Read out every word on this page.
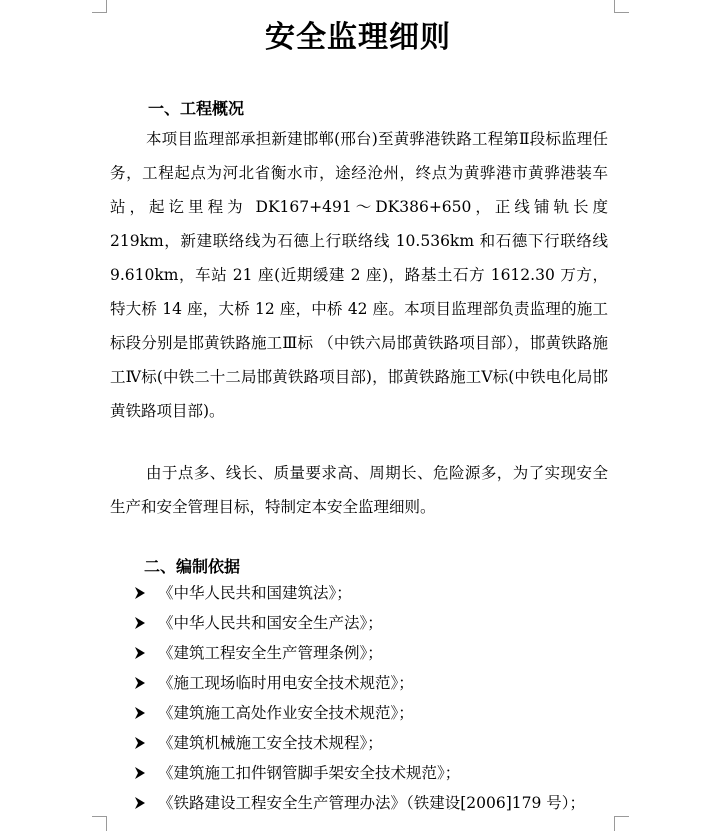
安全监理细则
一、工程概况

本项目监理部承担新建邯郸(邢台)至黄骅港铁路工程第Ⅱ段标监理任务，工程起点为河北省衡水市，途经沧州，终点为黄骅港市黄骅港装车站，起讫里程为 DK167+491～DK386+650，正线铺轨长度219km，新建联络线为石德上行联络线 10.536km 和石德下行联络线9.610km，车站 21 座(近期缓建 2 座)，路基土石方 1612.30 万方，特大桥 14 座，大桥 12 座，中桥 42 座。本项目监理部负责监理的施工标段分别是邯黄铁路施工Ⅲ标 （中铁六局邯黄铁路项目部），邯黄铁路施工Ⅳ标(中铁二十二局邯黄铁路项目部)，邯黄铁路施工Ⅴ标(中铁电化局邯黄铁路项目部)。

由于点多、线长、质量要求高、周期长、危险源多，为了实现安全生产和安全管理目标，特制定本安全监理细则。

二、编制依据
《中华人民共和国建筑法》；
《中华人民共和国安全生产法》；
《建筑工程安全生产管理条例》；
《施工现场临时用电安全技术规范》；
《建筑施工高处作业安全技术规范》；
《建筑机械施工安全技术规程》；
《建筑施工扣件钢管脚手架安全技术规范》；
《铁路建设工程安全生产管理办法》（铁建设[2006]179 号）；
